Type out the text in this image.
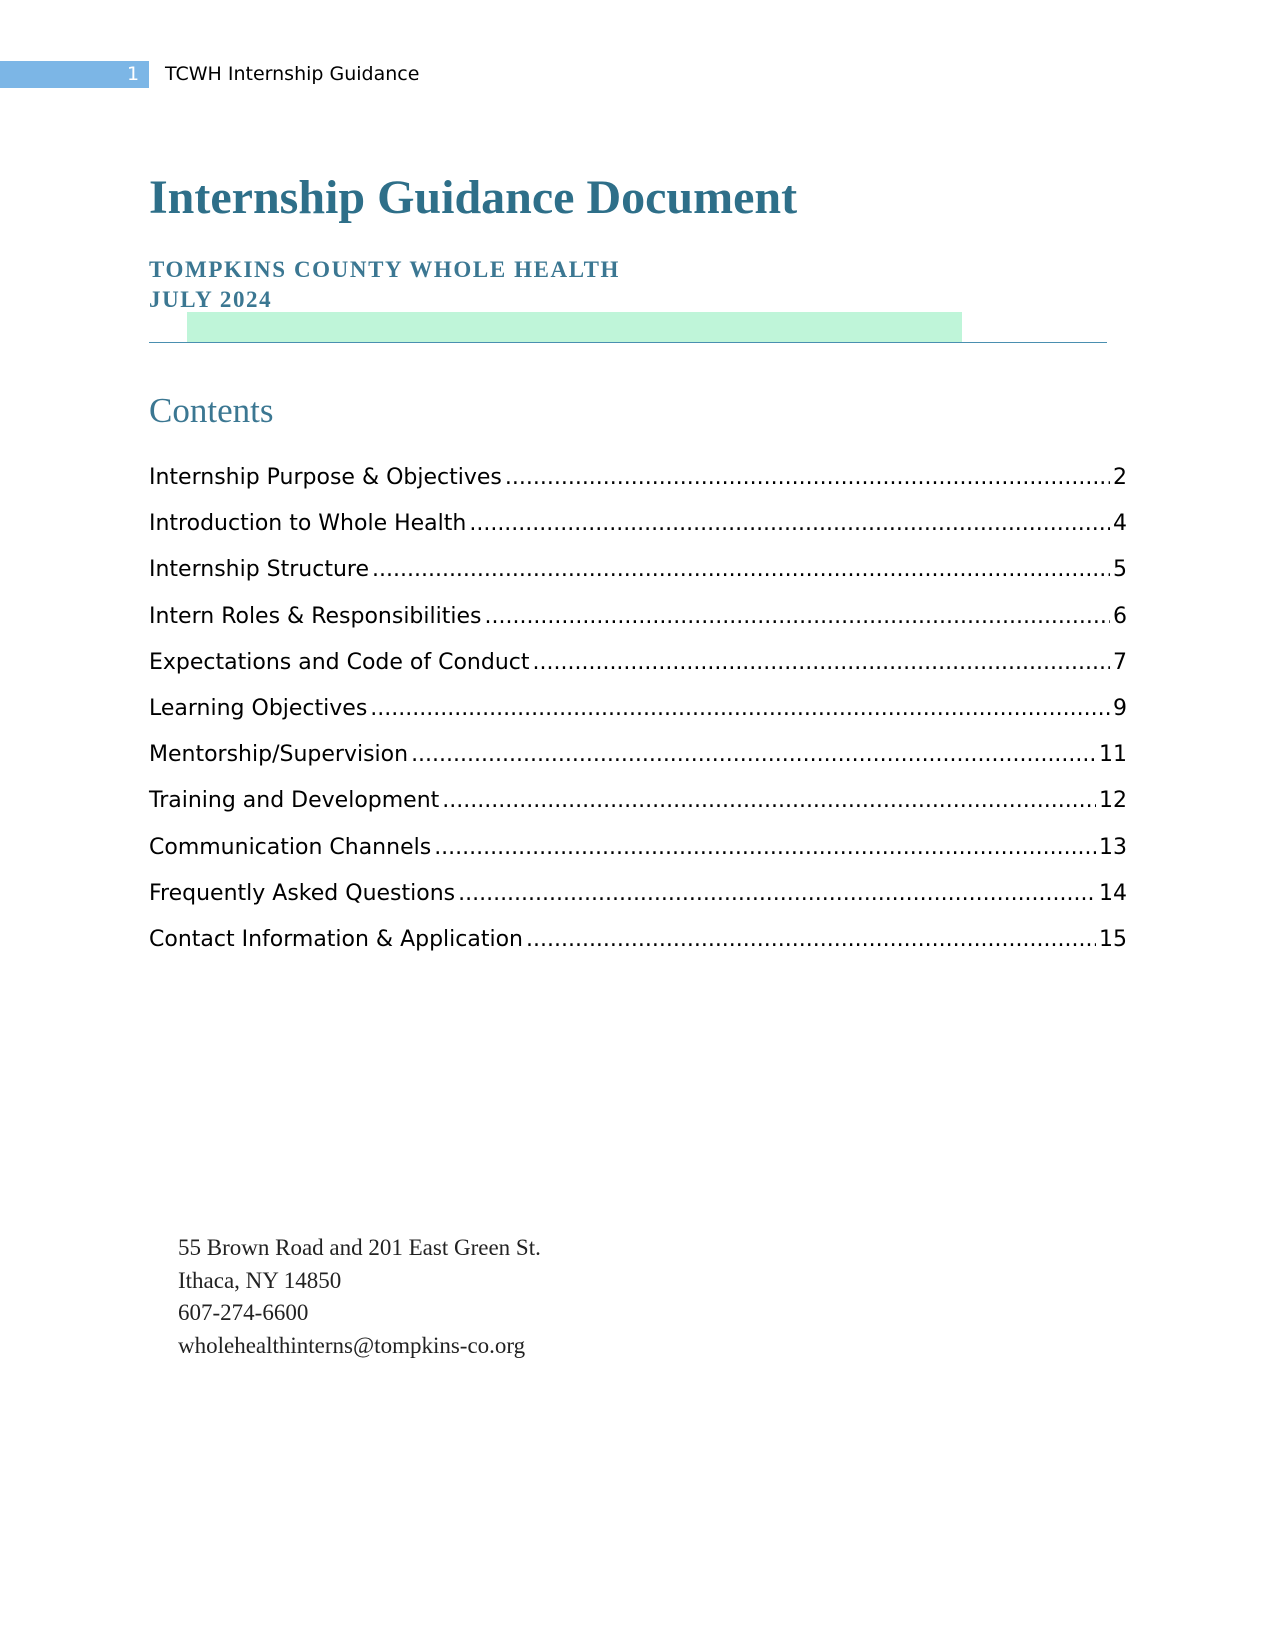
1	TCWH Internship Guidance
Internship Guidance Document
TOMPKINS COUNTY WHOLE HEALTH
JULY 2024
Contents
Internship Purpose & Objectives .....	2
Introduction to Whole Health .....	4
Internship Structure .....	5
Intern Roles & Responsibilities .....	6
Expectations and Code of Conduct .....	7
Learning Objectives .....	9
Mentorship/Supervision .....	11
Training and Development .....	12
Communication Channels .....	13
Frequently Asked Questions .....	14
Contact Information & Application .....	15
55 Brown Road and 201 East Green St.
Ithaca, NY 14850
607-274-6600
wholehealthinterns@tompkins-co.org
